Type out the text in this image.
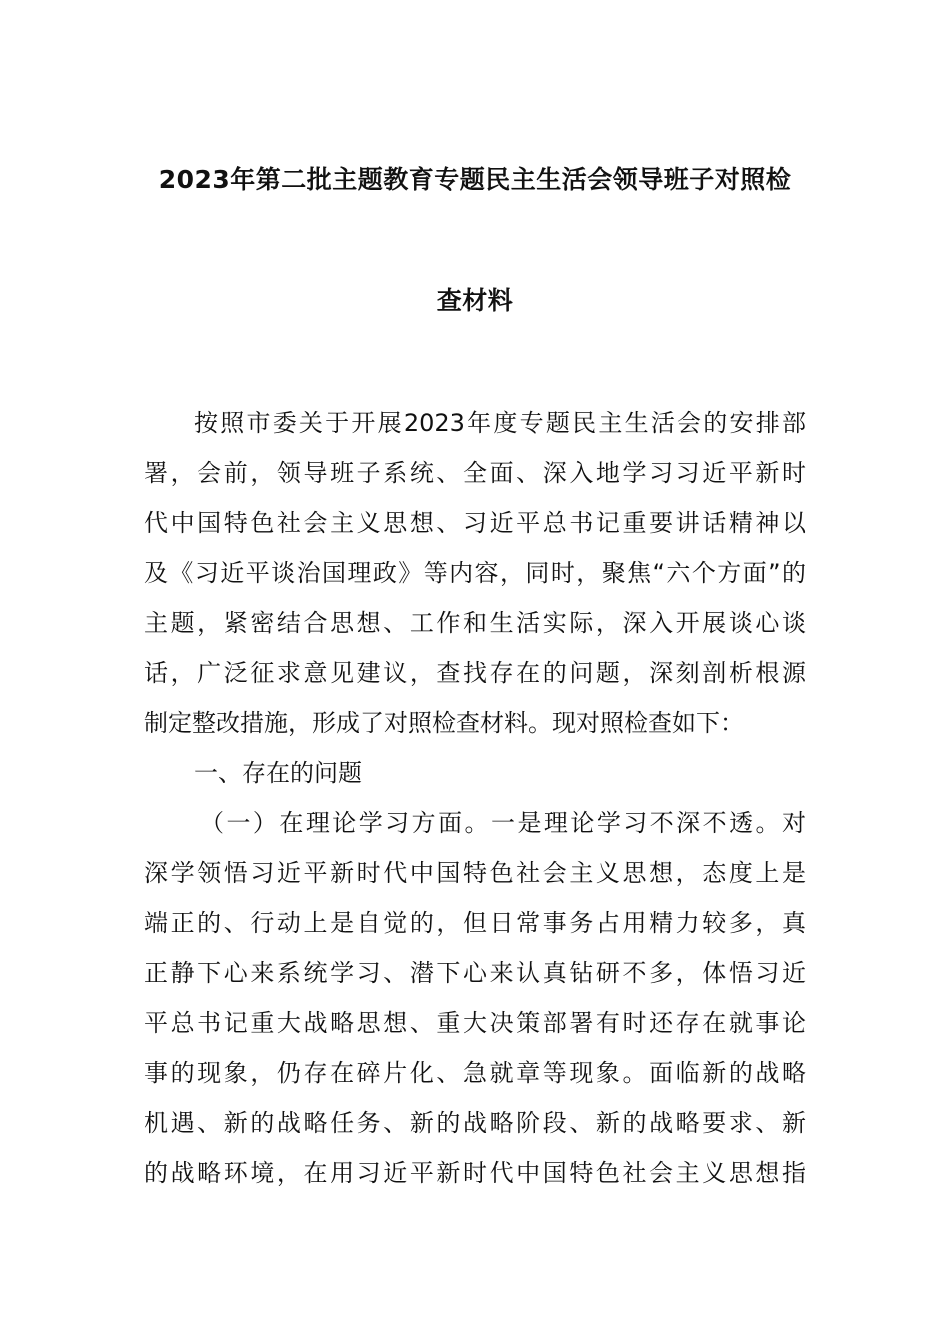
2023年第二批主题教育专题民主生活会领导班子对照检
查材料
按照市委关于开展2023年度专题民主生活会的安排部
署，会前，领导班子系统、全面、深入地学习习近平新时
代中国特色社会主义思想、习近平总书记重要讲话精神以
及《习近平谈治国理政》等内容，同时，聚焦“六个方面”的
主题，紧密结合思想、工作和生活实际，深入开展谈心谈
话，广泛征求意见建议，查找存在的问题，深刻剖析根源
制定整改措施，形成了对照检查材料。现对照检查如下：
一、存在的问题
（一）在理论学习方面。一是理论学习不深不透。对
深学领悟习近平新时代中国特色社会主义思想，态度上是
端正的、行动上是自觉的，但日常事务占用精力较多，真
正静下心来系统学习、潜下心来认真钻研不多，体悟习近
平总书记重大战略思想、重大决策部署有时还存在就事论
事的现象，仍存在碎片化、急就章等现象。面临新的战略
机遇、新的战略任务、新的战略阶段、新的战略要求、新
的战略环境，在用习近平新时代中国特色社会主义思想指
